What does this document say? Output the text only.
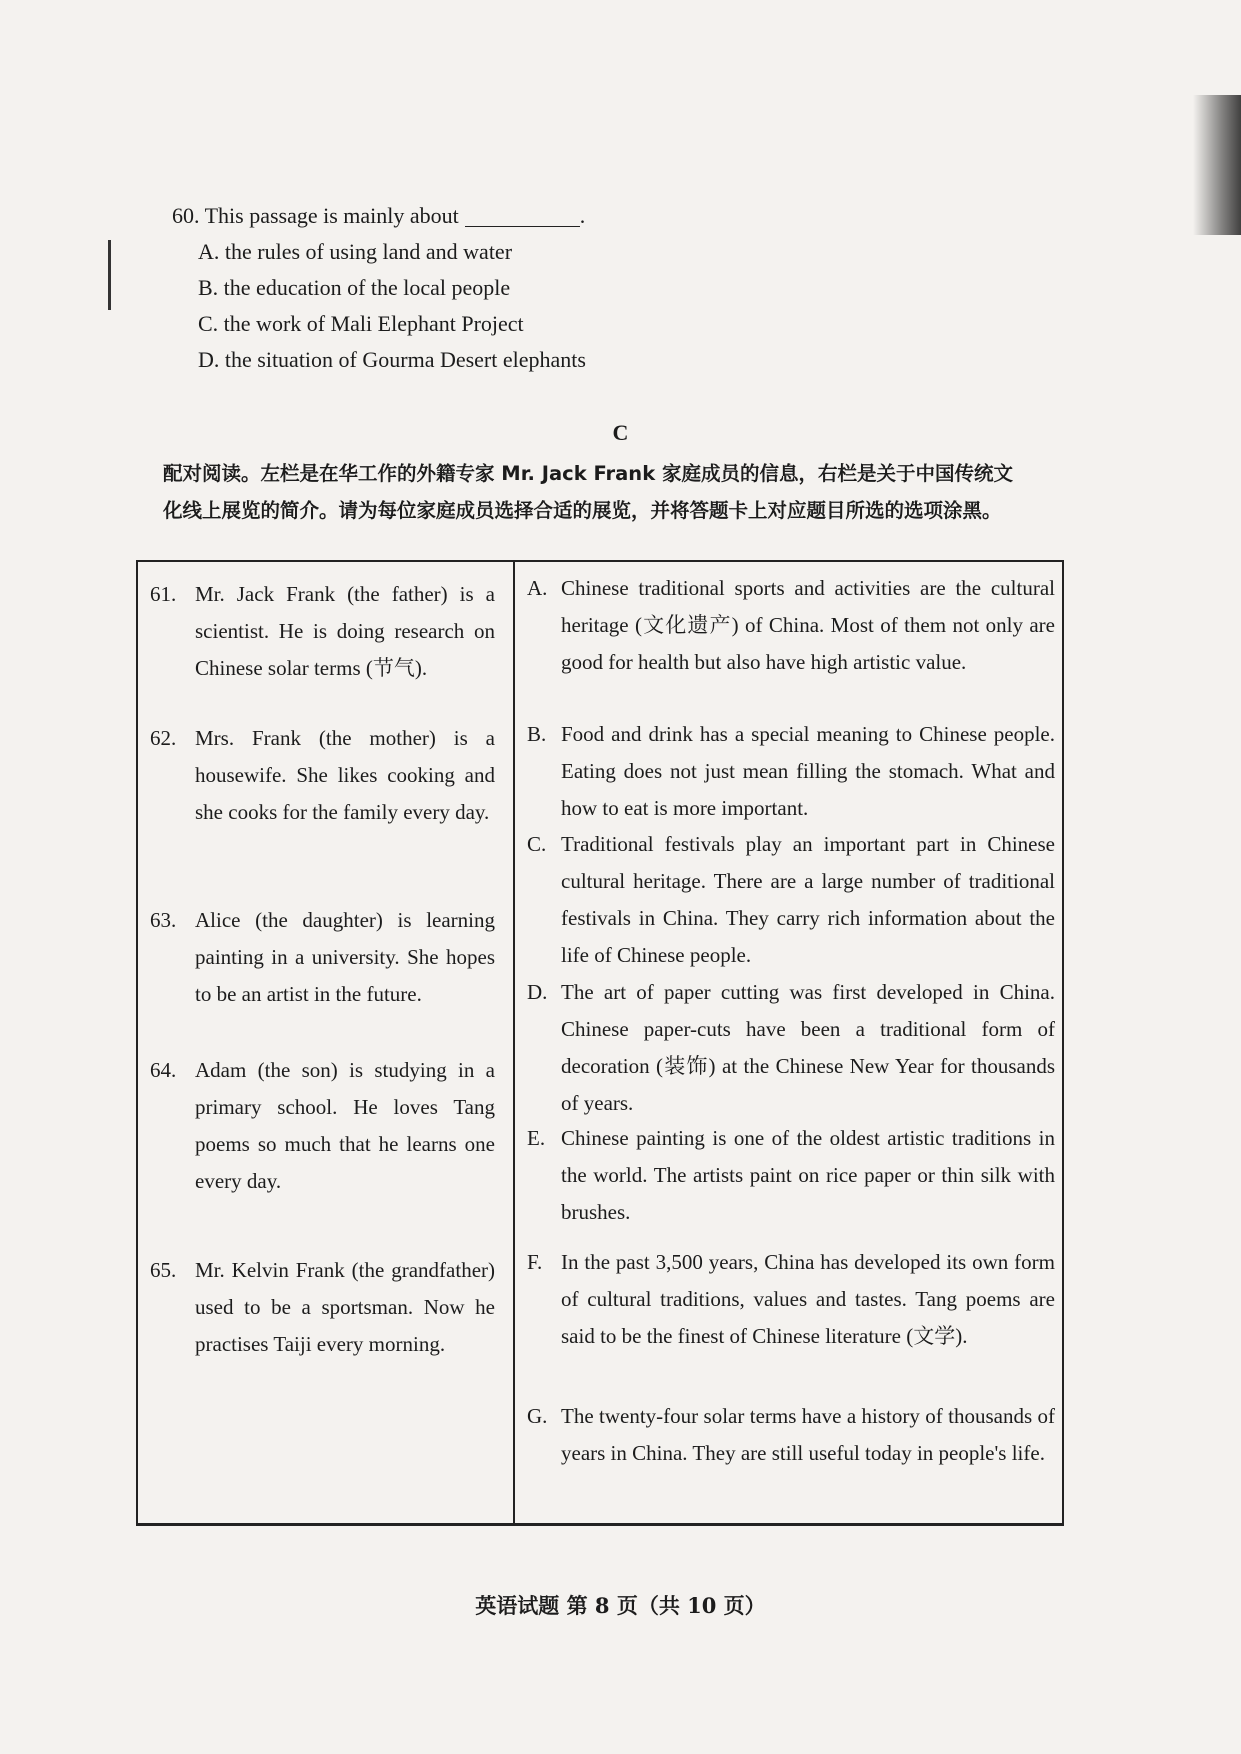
60. This passage is mainly about	.
A. the rules of using land and water
B. the education of the local people
C. the work of Mali Elephant Project
D. the situation of Gourma Desert elephants
C
配对阅读。左栏是在华工作的外籍专家 Mr. Jack Frank 家庭成员的信息，右栏是关于中国传统文化线上展览的简介。请为每位家庭成员选择合适的展览，并将答题卡上对应题目所选的选项涂黑。
61. Mr. Jack Frank (the father) is a scientist. He is doing research on Chinese solar terms (节气).
62. Mrs. Frank (the mother) is a housewife. She likes cooking and she cooks for the family every day.
63. Alice (the daughter) is learning painting in a university. She hopes to be an artist in the future.
64. Adam (the son) is studying in a primary school. He loves Tang poems so much that he learns one every day.
65. Mr. Kelvin Frank (the grandfather) used to be a sportsman. Now he practises Taiji every morning.
A. Chinese traditional sports and activities are the cultural heritage (文化遗产) of China. Most of them not only are good for health but also have high artistic value.
B. Food and drink has a special meaning to Chinese people. Eating does not just mean filling the stomach. What and how to eat is more important.
C. Traditional festivals play an important part in Chinese cultural heritage. There are a large number of traditional festivals in China. They carry rich information about the life of Chinese people.
D. The art of paper cutting was first developed in China. Chinese paper-cuts have been a traditional form of decoration (装饰) at the Chinese New Year for thousands of years.
E. Chinese painting is one of the oldest artistic traditions in the world. The artists paint on rice paper or thin silk with brushes.
F. In the past 3,500 years, China has developed its own form of cultural traditions, values and tastes. Tang poems are said to be the finest of Chinese literature (文学).
G. The twenty-four solar terms have a history of thousands of years in China. They are still useful today in people's life.
英语试题 第 8 页（共 10 页）
